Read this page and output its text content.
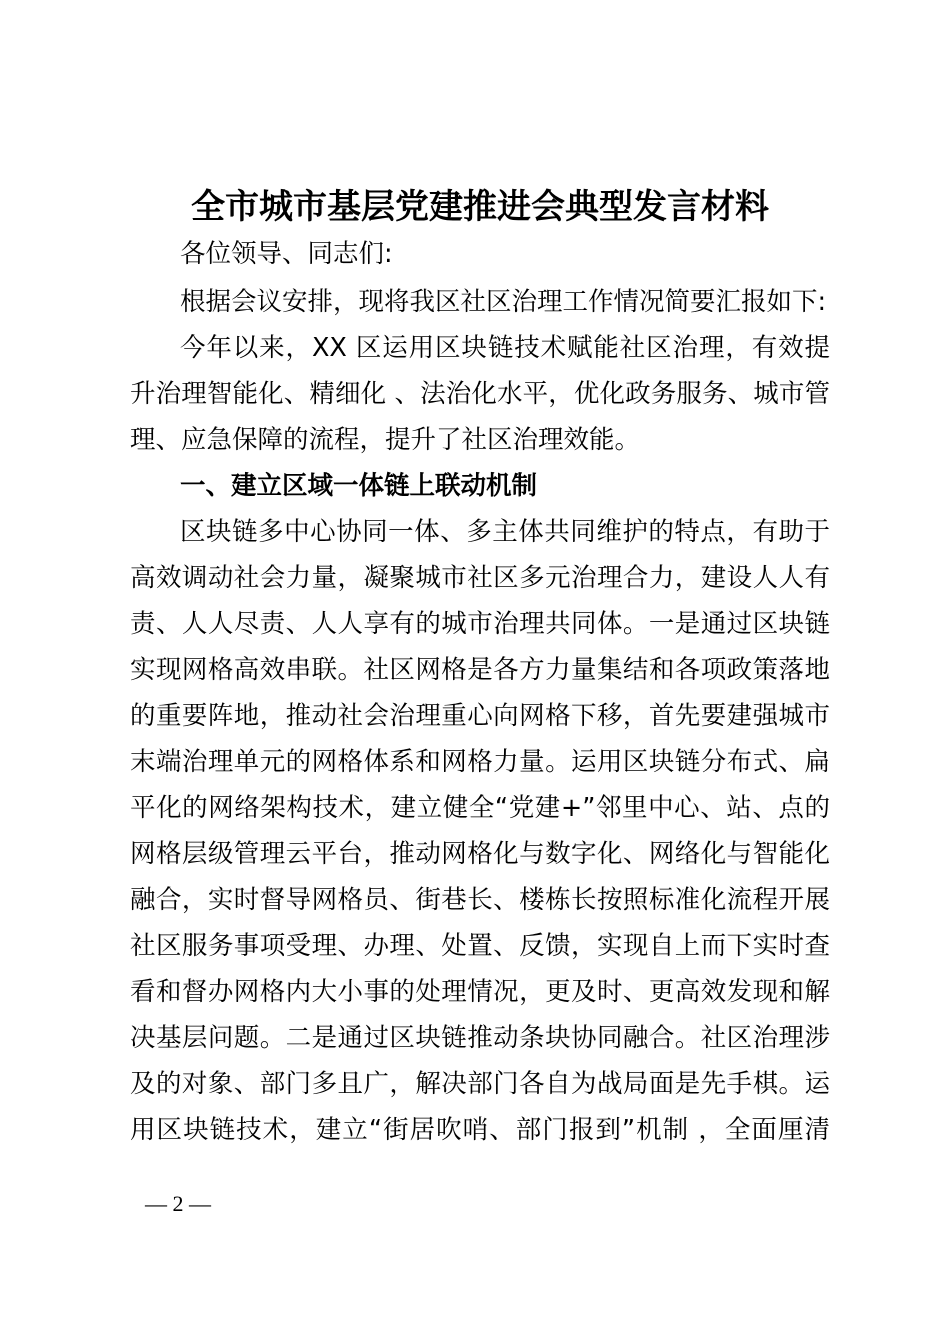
全市城市基层党建推进会典型发言材料
各位领导、同志们:
根据会议安排，现将我区社区治理工作情况简要汇报如下:
今年以来，XX 区运用区块链技术赋能社区治理，有效提
升治理智能化、精细化 、法治化水平，优化政务服务、城市管
理、应急保障的流程，提升了社区治理效能。
一、建立区域一体链上联动机制
区块链多中心协同一体、多主体共同维护的特点，有助于
高效调动社会力量，凝聚城市社区多元治理合力，建设人人有
责、人人尽责、人人享有的城市治理共同体。一是通过区块链
实现网格高效串联。社区网格是各方力量集结和各项政策落地
的重要阵地，推动社会治理重心向网格下移，首先要建强城市
末端治理单元的网格体系和网格力量。运用区块链分布式、扁
平化的网络架构技术，建立健全“党建+”邻里中心、站、点的
网格层级管理云平台，推动网格化与数字化、网络化与智能化
融合，实时督导网格员、街巷长、楼栋长按照标准化流程开展
社区服务事项受理、办理、处置、反馈，实现自上而下实时查
看和督办网格内大小事的处理情况，更及时、更高效发现和解
决基层问题。二是通过区块链推动条块协同融合。社区治理涉
及的对象、部门多且广，解决部门各自为战局面是先手棋。运
用区块链技术，建立“街居吹哨、部门报到”机制 ，全面厘清
— 2 —
